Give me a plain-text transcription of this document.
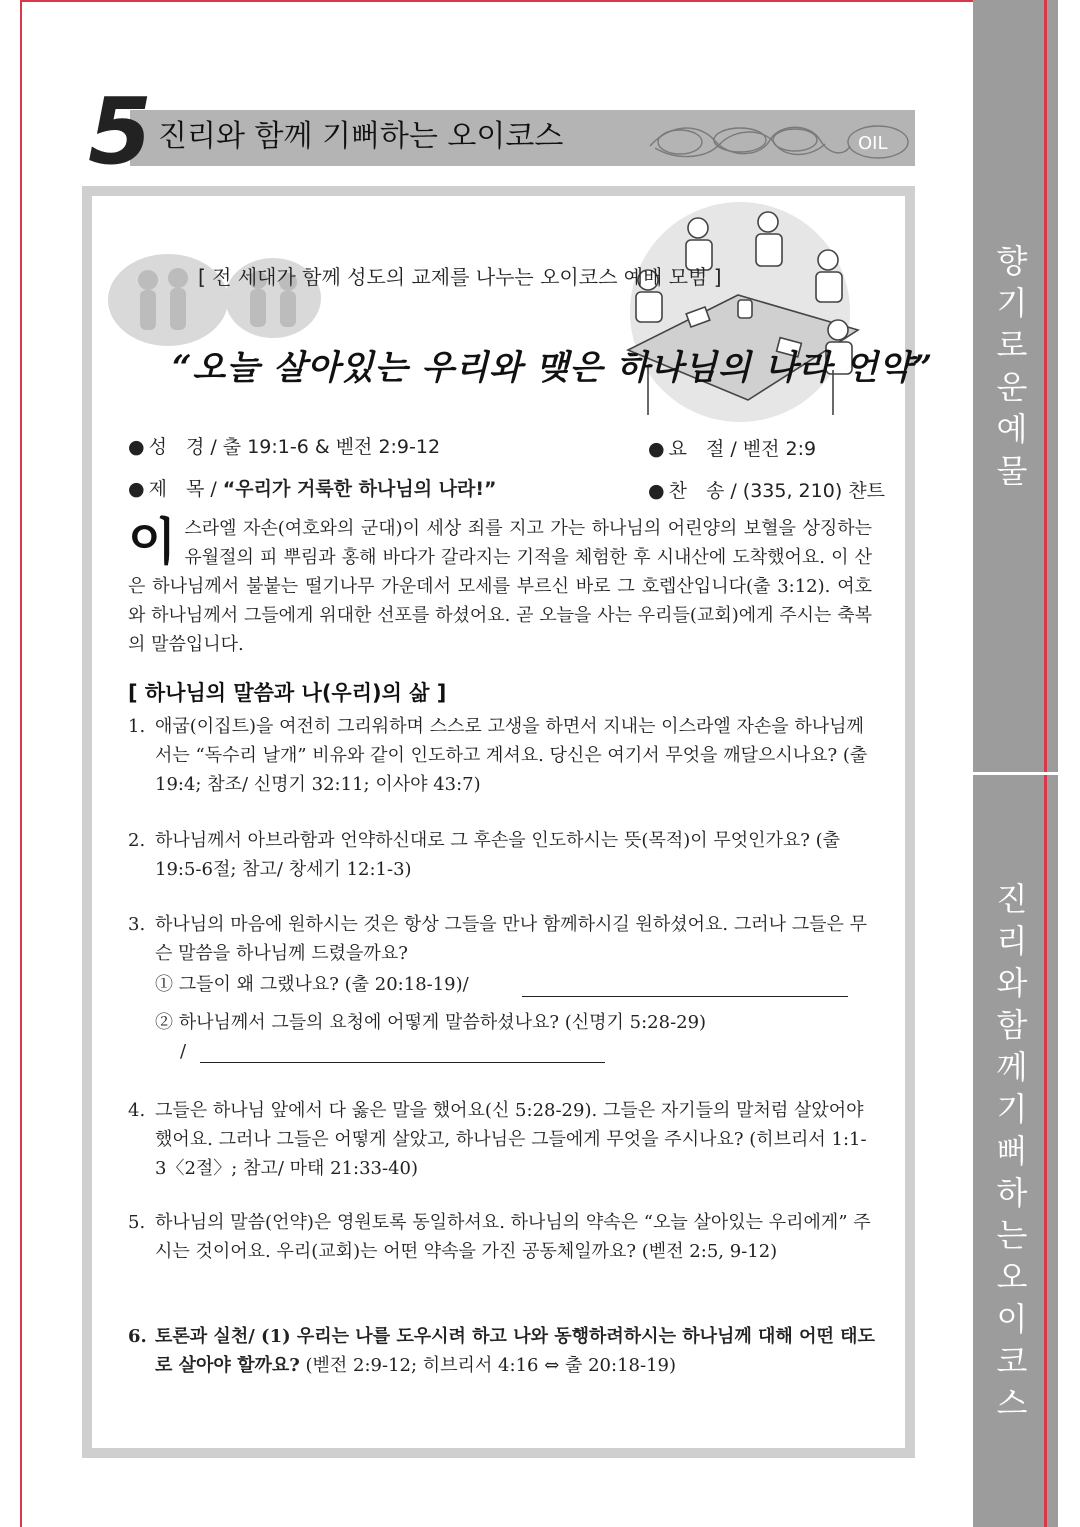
향기로운 예물
진리와 함께 기뻐하는 오이코스
5 진리와 함께 기뻐하는 오이코스	OIL
[ 전 세대가 함께 성도의 교제를 나누는 오이코스 예배 모범 ]
“오늘 살아있는 우리와 맺은 하나님의 나라 언약”
● 성　경 / 출 19:1-6 & 벧전 2:9-12	● 요　절 / 벧전 2:9
● 제　목 / “우리가 거룩한 하나님의 나라!”	● 찬　송 / (335, 210) 챤트
이 스라엘 자손(여호와의 군대)이 세상 죄를 지고 가는 하나님의 어린양의 보혈을 상징하는 유월절의 피 뿌림과 홍해 바다가 갈라지는 기적을 체험한 후 시내산에 도착했어요. 이 산은 하나님께서 불붙는 떨기나무 가운데서 모세를 부르신 바로 그 호렙산입니다(출 3:12). 여호와 하나님께서 그들에게 위대한 선포를 하셨어요. 곧 오늘을 사는 우리들(교회)에게 주시는 축복의 말씀입니다.
[ 하나님의 말씀과 나(우리)의 삶 ]
1. 애굽(이집트)을 여전히 그리워하며 스스로 고생을 하면서 지내는 이스라엘 자손을 하나님께서는 “독수리 날개” 비유와 같이 인도하고 계셔요. 당신은 여기서 무엇을 깨달으시나요? (출 19:4; 참조/ 신명기 32:11; 이사야 43:7)
2. 하나님께서 아브라함과 언약하신대로 그 후손을 인도하시는 뜻(목적)이 무엇인가요? (출 19:5-6절; 참고/ 창세기 12:1-3)
3. 하나님의 마음에 원하시는 것은 항상 그들을 만나 함께하시길 원하셨어요. 그러나 그들은 무슨 말씀을 하나님께 드렸을까요?
① 그들이 왜 그랬나요? (출 20:18-19)/
② 하나님께서 그들의 요청에 어떻게 말씀하셨나요? (신명기 5:28-29)
/
4. 그들은 하나님 앞에서 다 옳은 말을 했어요(신 5:28-29). 그들은 자기들의 말처럼 살았어야 했어요. 그러나 그들은 어떻게 살았고, 하나님은 그들에게 무엇을 주시나요? (히브리서 1:1-3〈2절〉; 참고/ 마태 21:33-40)
5. 하나님의 말씀(언약)은 영원토록 동일하셔요. 하나님의 약속은 “오늘 살아있는 우리에게” 주시는 것이어요. 우리(교회)는 어떤 약속을 가진 공동체일까요? (벧전 2:5, 9-12)
6. 토론과 실천/ (1) 우리는 나를 도우시려 하고 나와 동행하려하시는 하나님께 대해 어떤 태도로 살아야 할까요? (벧전 2:9-12; 히브리서 4:16 ⇔ 출 20:18-19)
